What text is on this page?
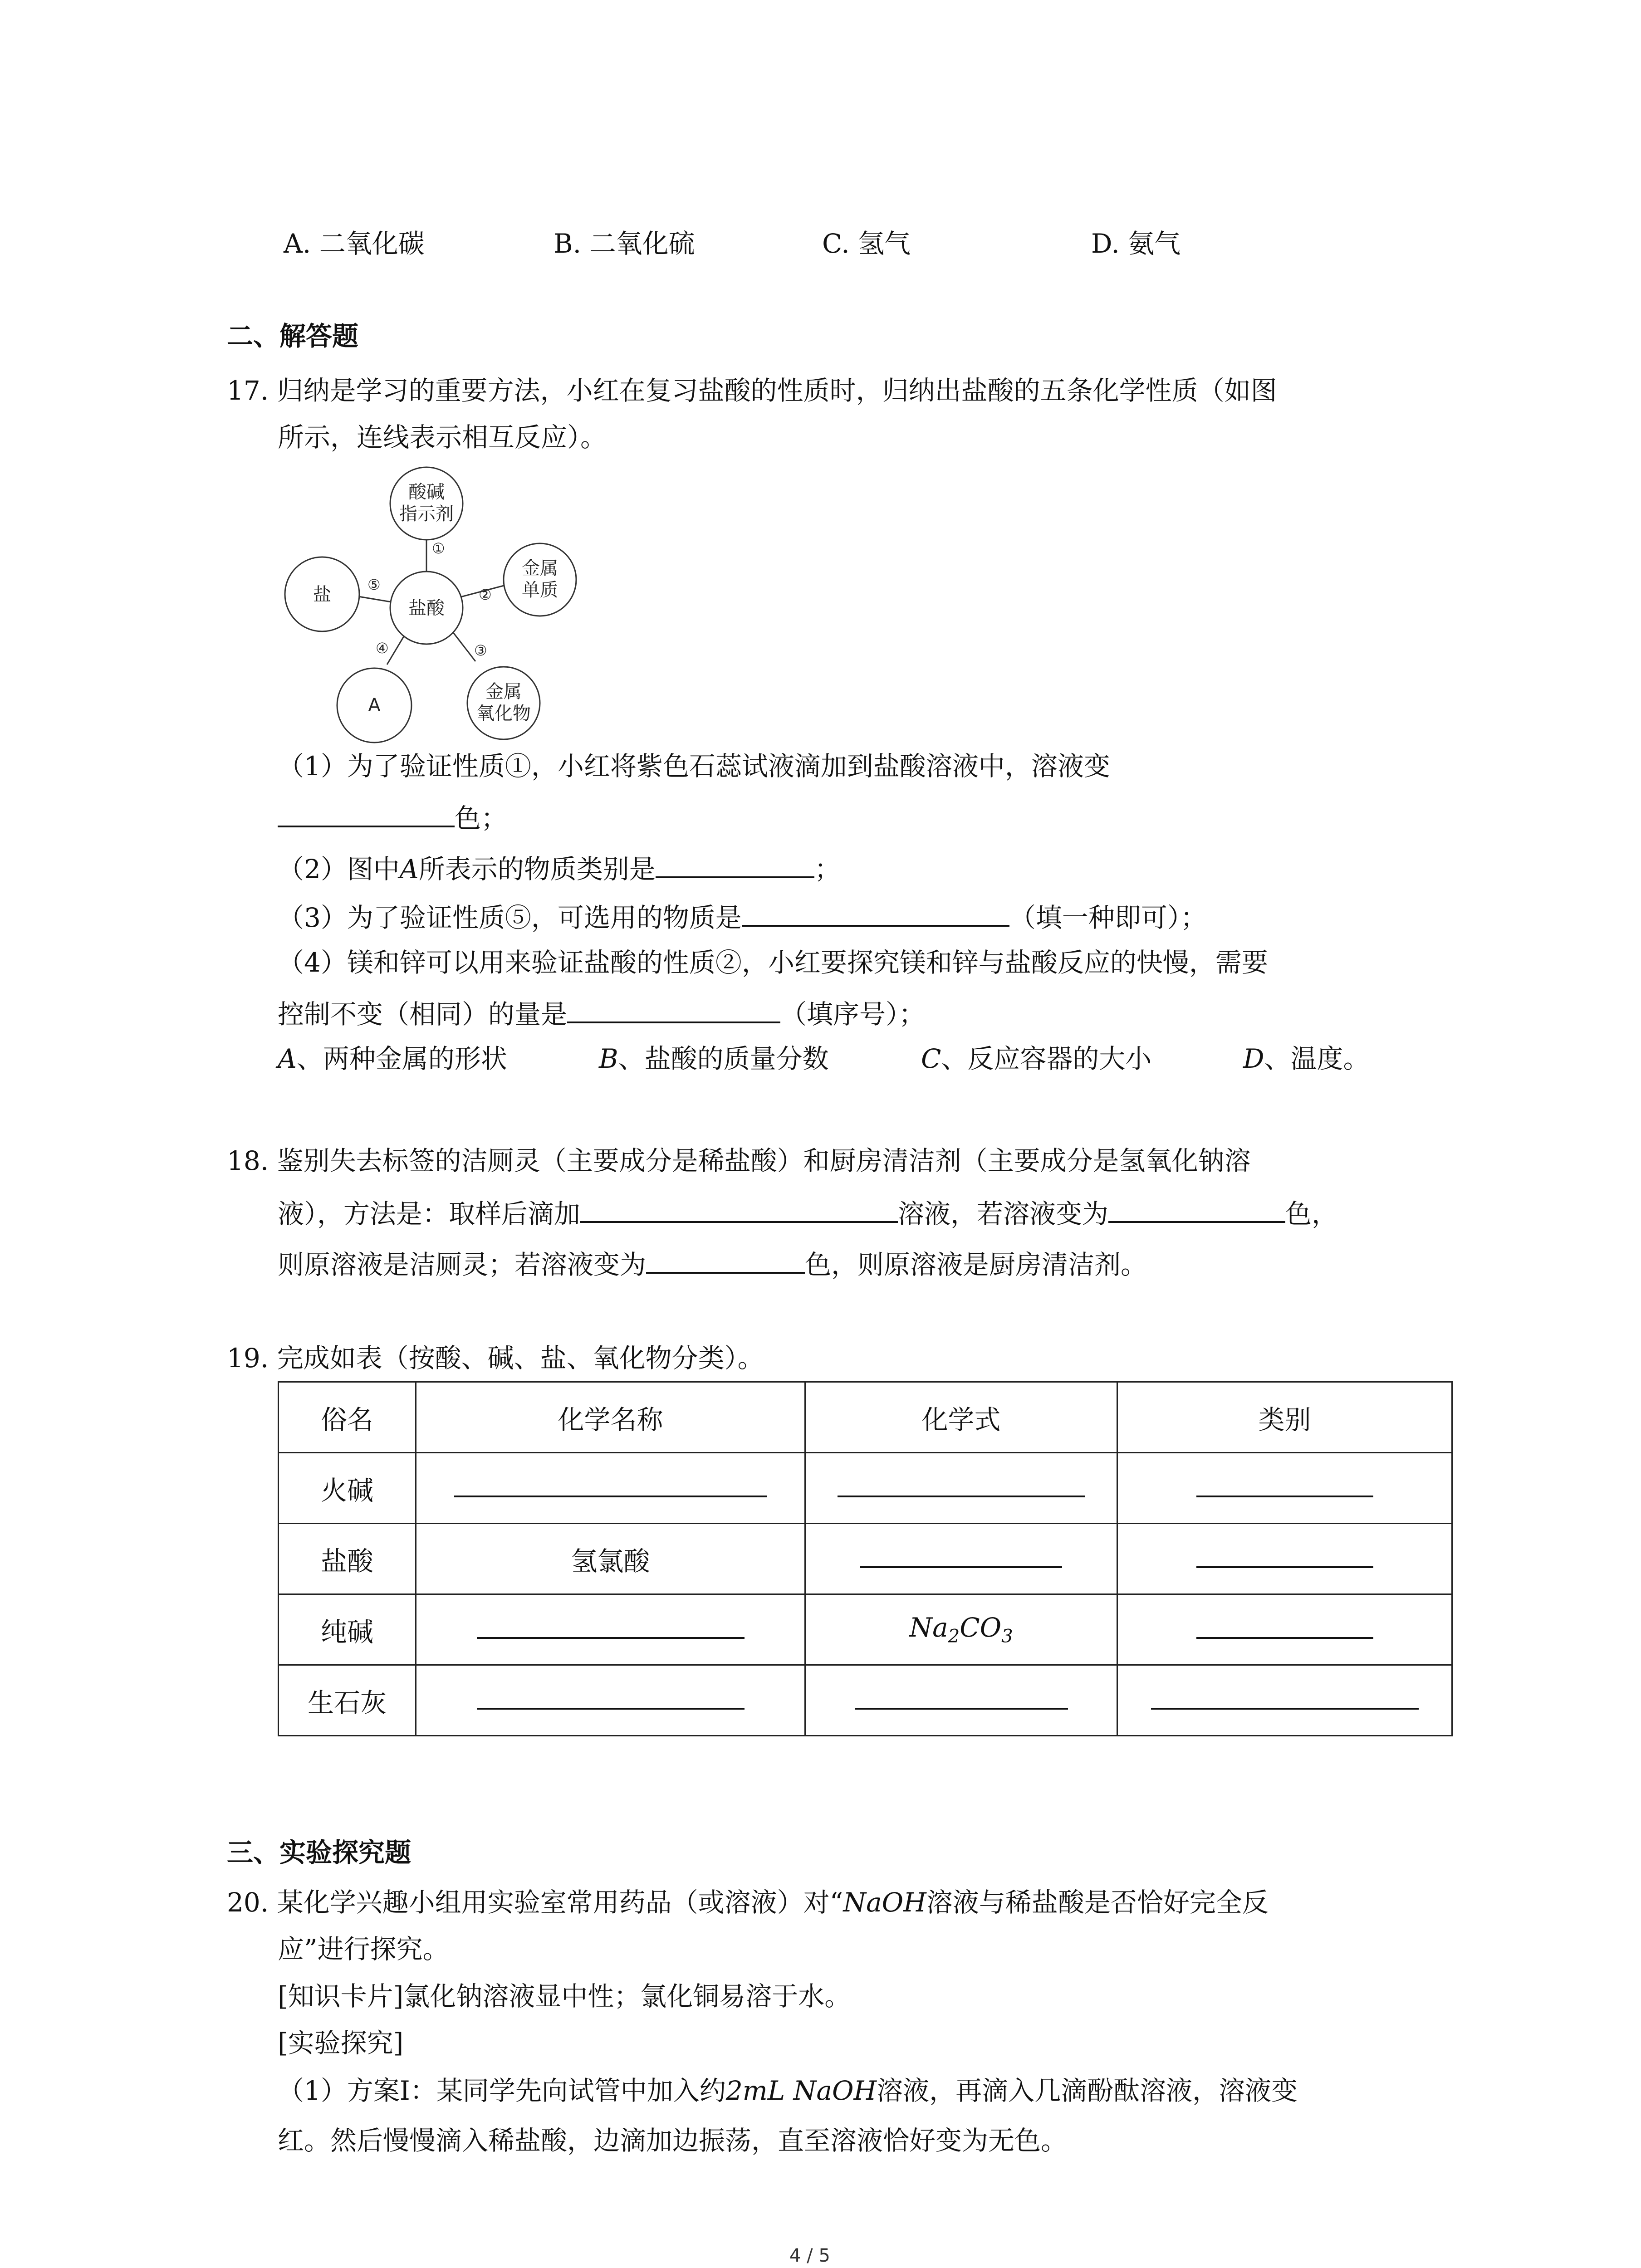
A. 二氧化碳	B. 二氧化硫	C. 氢气	D. 氨气
二、解答题
17. 归纳是学习的重要方法，小红在复习盐酸的性质时，归纳出盐酸的五条化学性质（如图
所示，连线表示相互反应）。
酸碱
指示剂
盐酸
金属
单质
金属
氧化物
A
盐
①
②
③
④
⑤
（1）为了验证性质①，小红将紫色石蕊试液滴加到盐酸溶液中，溶液变
色；
（2）图中A所表示的物质类别是	；
（3）为了验证性质⑤，可选用的物质是	（填一种即可）；
（4）镁和锌可以用来验证盐酸的性质②，小红要探究镁和锌与盐酸反应的快慢，需要
控制不变（相同）的量是	（填序号）；
A、两种金属的形状	B、盐酸的质量分数	C、反应容器的大小	D、温度。
18. 鉴别失去标签的洁厕灵（主要成分是稀盐酸）和厨房清洁剂（主要成分是氢氧化钠溶
液），方法是：取样后滴加	溶液，若溶液变为	色，
则原溶液是洁厕灵；若溶液变为	色，则原溶液是厨房清洁剂。
19. 完成如表（按酸、碱、盐、氧化物分类）。
俗名	化学名称	化学式	类别
火碱			
盐酸	氢氯酸		
纯碱		$Na_2CO_3$	
生石灰			
三、实验探究题
20. 某化学兴趣小组用实验室常用药品（或溶液）对“NaOH溶液与稀盐酸是否恰好完全反
应”进行探究。
[知识卡片]氯化钠溶液显中性；氯化铜易溶于水。
[实验探究]
（1）方案Ⅰ：某同学先向试管中加入约2mL NaOH溶液，再滴入几滴酚酞溶液，溶液变
红。然后慢慢滴入稀盐酸，边滴加边振荡，直至溶液恰好变为无色。
4 / 5
